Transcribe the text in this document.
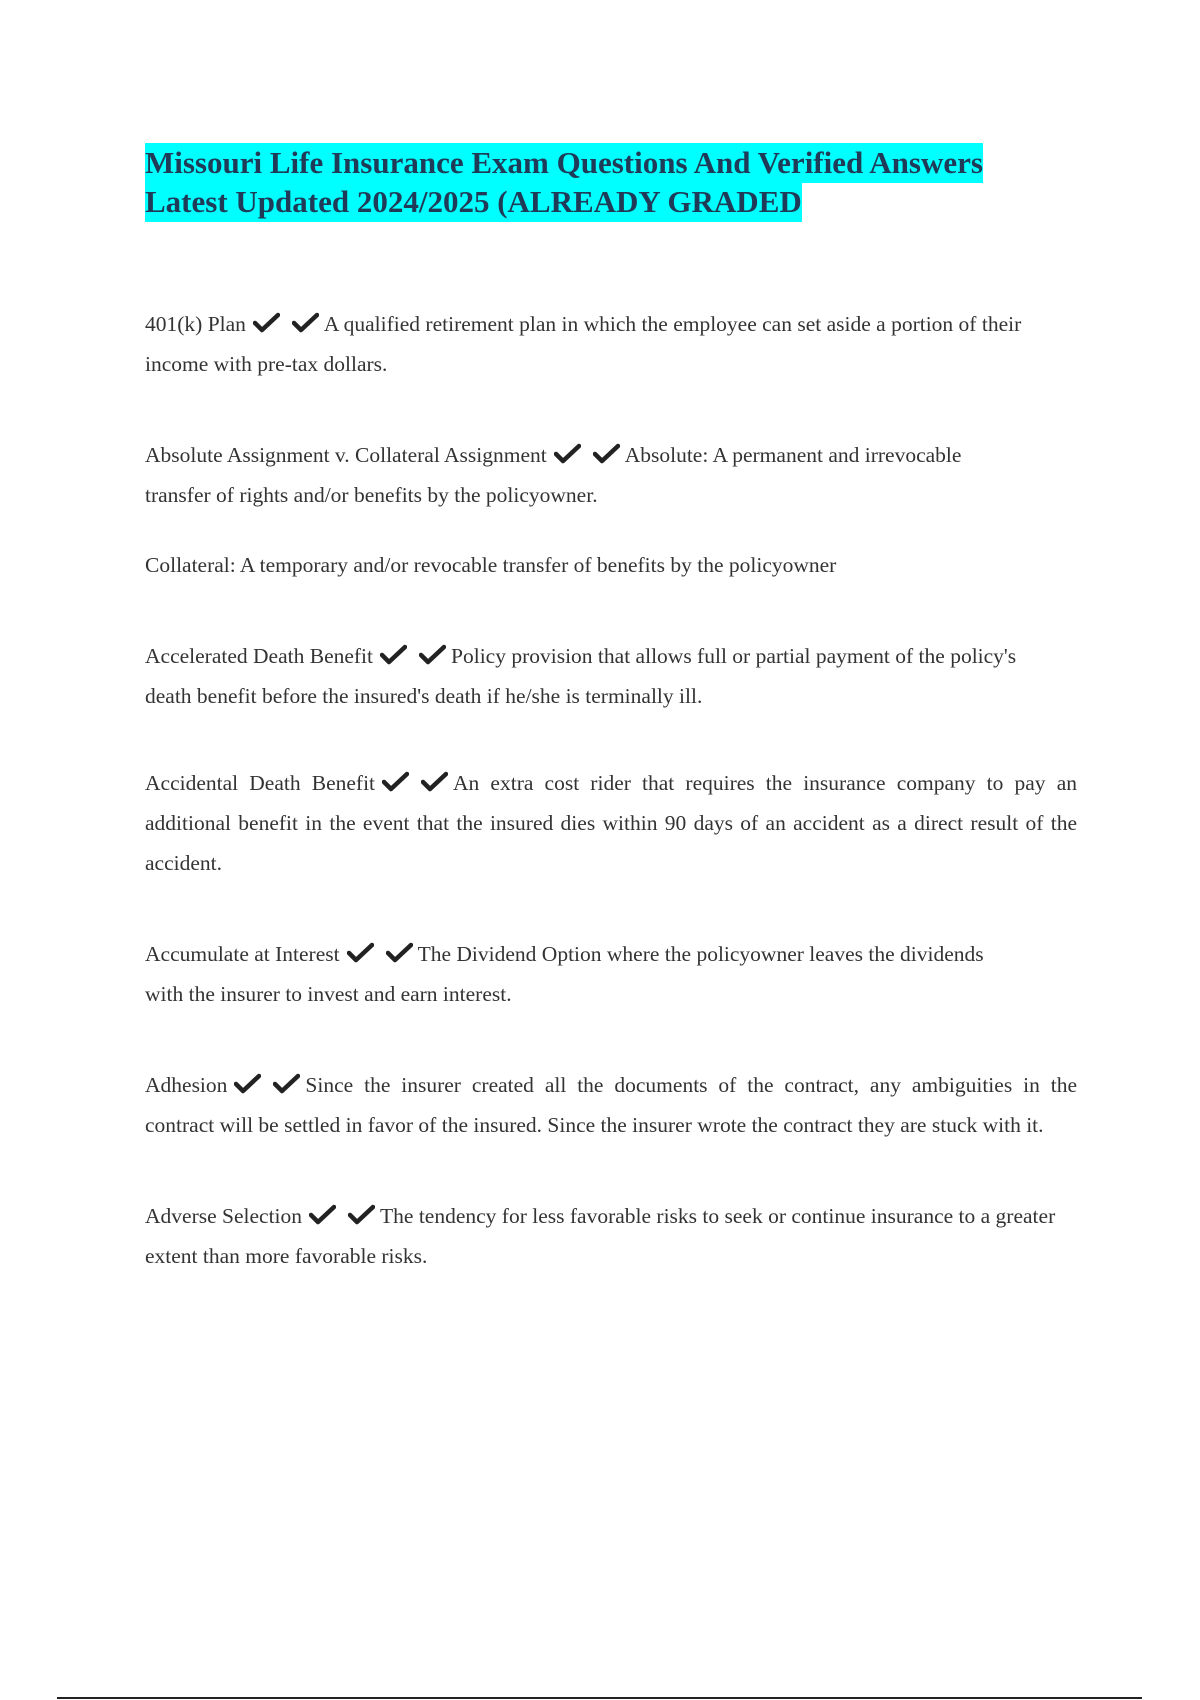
Missouri Life Insurance Exam Questions And Verified Answers
Latest Updated 2024/2025 (ALREADY GRADED

401(k) Plan	A qualified retirement plan in which the employee can set aside a portion of their income with pre-tax dollars.

Absolute Assignment v. Collateral Assignment	Absolute: A permanent and irrevocable transfer of rights and/or benefits by the policyowner.

Collateral: A temporary and/or revocable transfer of benefits by the policyowner

Accelerated Death Benefit	Policy provision that allows full or partial payment of the policy's death benefit before the insured's death if he/she is terminally ill.

Accidental Death Benefit	An extra cost rider that requires the insurance company to pay an additional benefit in the event that the insured dies within 90 days of an accident as a direct result of the accident.

Accumulate at Interest	The Dividend Option where the policyowner leaves the dividends with the insurer to invest and earn interest.

Adhesion	Since the insurer created all the documents of the contract, any ambiguities in the contract will be settled in favor of the insured. Since the insurer wrote the contract they are stuck with it.

Adverse Selection	The tendency for less favorable risks to seek or continue insurance to a greater extent than more favorable risks.
